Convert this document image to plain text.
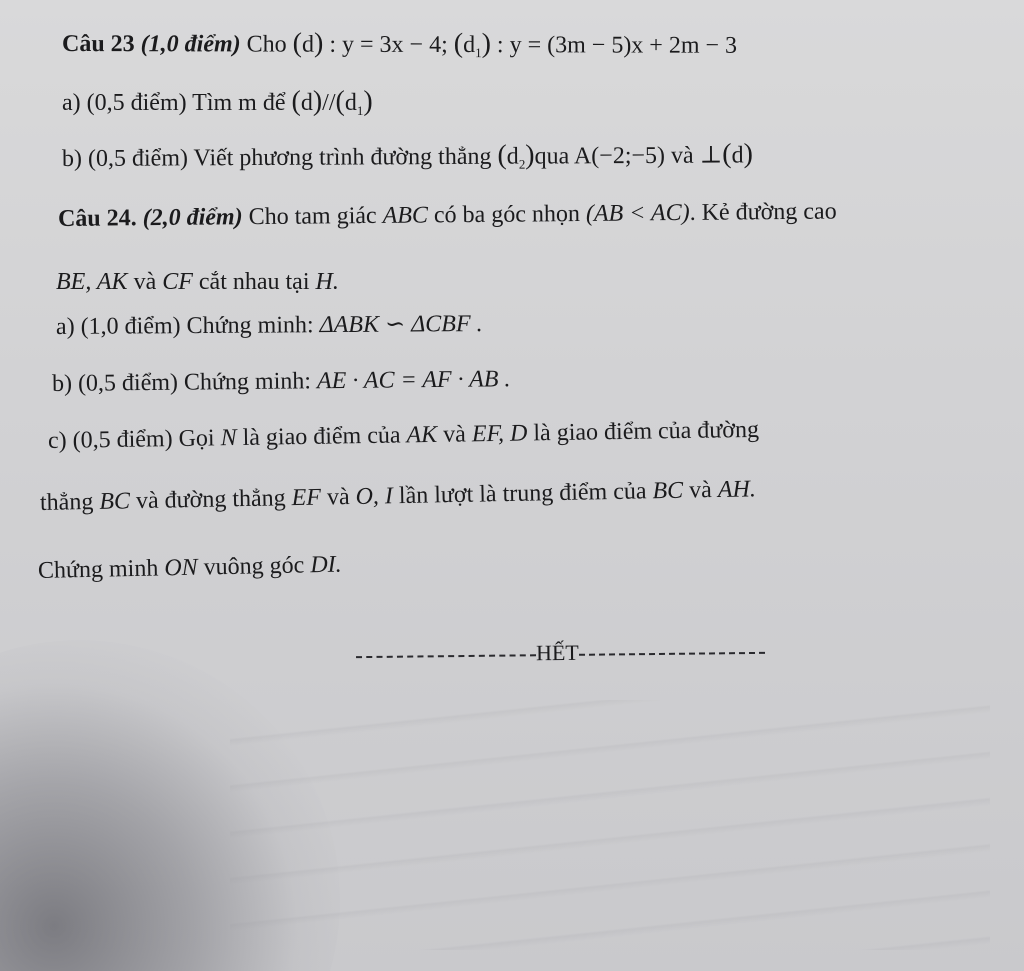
Câu 23 (1,0 điểm) Cho (d) : y = 3x − 4; $(d_1)$ : y = (3m − 5)x + 2m − 3
a) (0,5 điểm) Tìm m để $(d)//(d_1)$
b) (0,5 điểm) Viết phương trình đường thẳng $(d_2)qua$ A(−2;−5) và ⊥(d)
Câu 24. (2,0 điểm) Cho tam giác ABC có ba góc nhọn (AB < AC). Kẻ đường cao
BE, AK và CF cắt nhau tại H.
a) (1,0 điểm) Chứng minh: ΔABK ∽ ΔCBF .
b) (0,5 điểm) Chứng minh: AE · AC = AF · AB .
c) (0,5 điểm) Gọi N là giao điểm của AK và EF, D là giao điểm của đường
thẳng BC và đường thẳng EF và O, I lần lượt là trung điểm của BC và AH.
Chứng minh ON vuông góc DI.
HẾT
